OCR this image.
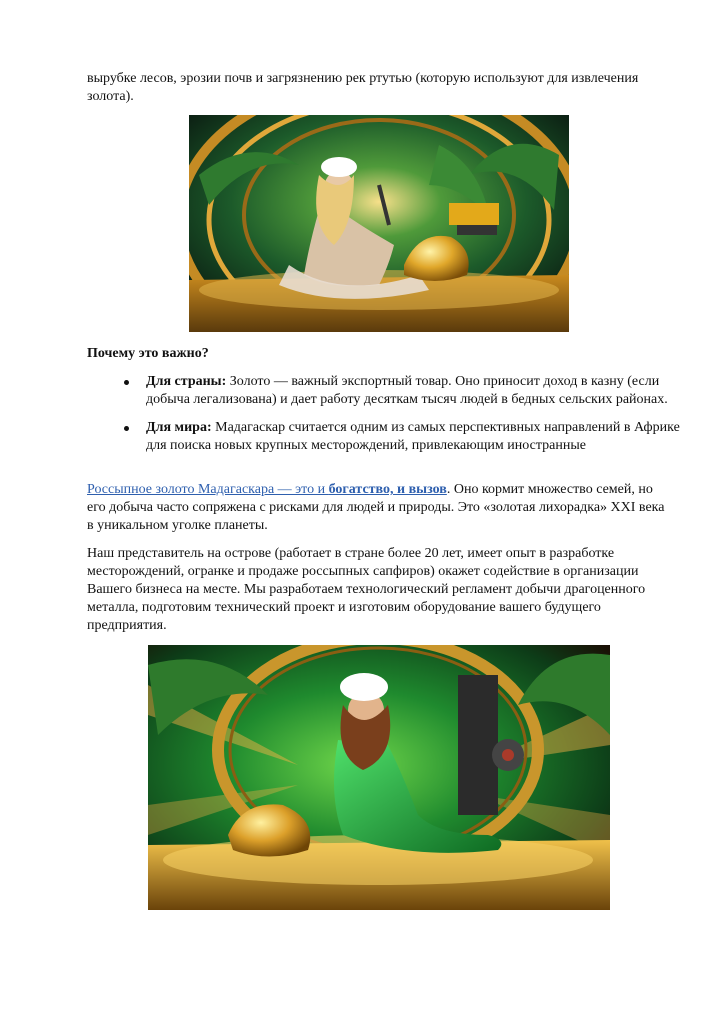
вырубке лесов, эрозии почв и загрязнению рек ртутью (которую используют для извлечения золота).

Почему это важно?

Для страны: Золото — важный экспортный товар. Оно приносит доход в казну (если добыча легализована) и дает работу десяткам тысяч людей в бедных сельских районах.
Для мира: Мадагаскар считается одним из самых перспективных направлений в Африке для поиска новых крупных месторождений, привлекающим иностранные

Россыпное золото Мадагаскара — это и богатство, и вызов. Оно кормит множество семей, но его добыча часто сопряжена с рисками для людей и природы. Это «золотая лихорадка» XXI века в уникальном уголке планеты.

Наш представитель на острове (работает в стране более 20 лет, имеет опыт в разработке месторождений, огранке и продаже россыпных сапфиров) окажет содействие в организации Вашего бизнеса на месте. Мы разработаем технологический регламент добычи драгоценного металла, подготовим технический проект и изготовим оборудование вашего будущего предприятия.
